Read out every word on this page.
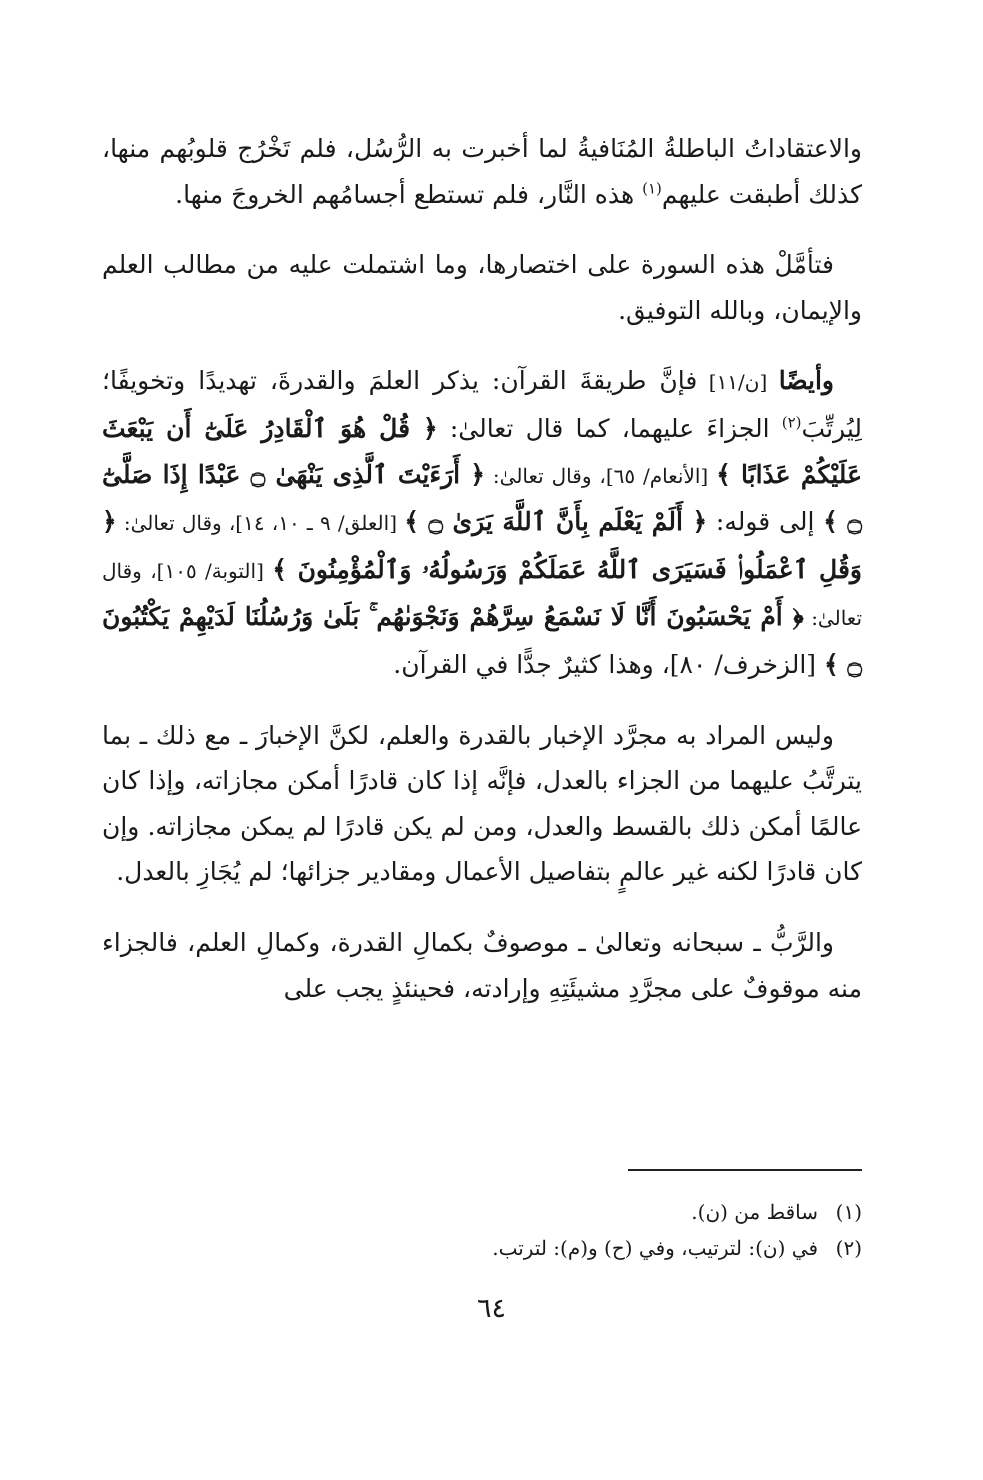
والاعتقاداتُ الباطلةُ المُنَافيةُ لما أخبرت به الرُّسُل، فلم تَخْرُج قلوبُهم منها، كذلك أطبقت عليهم$^{(١)}$ هذه النَّار، فلم تستطع أجسامُهم الخروجَ منها.

فتأمَّلْ هذه السورة على اختصارها، وما اشتملت عليه من مطالب العلم والإيمان، وبالله التوفيق.

وأيضًا [ن/١١] فإنَّ طريقةَ القرآن: يذكر العلمَ والقدرةَ، تهديدًا وتخويفًا؛ لِيُرتِّبَ$^{(٢)}$ الجزاءَ عليهما، كما قال تعالىٰ: ﴿ قُلْ هُوَ ٱلْقَادِرُ عَلَىٰٓ أَن يَبْعَثَ عَلَيْكُمْ عَذَابًا ﴾ [الأنعام/ ٦٥]، وقال تعالىٰ: ﴿ أَرَءَيْتَ ٱلَّذِى يَنْهَىٰ ۝ عَبْدًا إِذَا صَلَّىٰٓ ۝ ﴾ إلى قوله: ﴿ أَلَمْ يَعْلَم بِأَنَّ ٱللَّهَ يَرَىٰ ۝ ﴾ [العلق/ ٩ ـ ١٠، ١٤]، وقال تعالىٰ: ﴿ وَقُلِ ٱعْمَلُوا۟ فَسَيَرَى ٱللَّهُ عَمَلَكُمْ وَرَسُولُهُۥ وَٱلْمُؤْمِنُونَ ﴾ [التوبة/ ١٠٥]، وقال تعالىٰ: ﴿ أَمْ يَحْسَبُونَ أَنَّا لَا نَسْمَعُ سِرَّهُمْ وَنَجْوَىٰهُم ۚ بَلَىٰ وَرُسُلُنَا لَدَيْهِمْ يَكْتُبُونَ ۝ ﴾ [الزخرف/ ٨٠]، وهذا كثيرٌ جدًّا في القرآن.

وليس المراد به مجرَّد الإخبار بالقدرة والعلم، لكنَّ الإخبارَ ـ مع ذلك ـ بما يترتَّبُ عليهما من الجزاء بالعدل، فإنَّه إذا كان قادرًا أمكن مجازاته، وإذا كان عالمًا أمكن ذلك بالقسط والعدل، ومن لم يكن قادرًا لم يمكن مجازاته. وإن كان قادرًا لكنه غير عالمٍ بتفاصيل الأعمال ومقادير جزائها؛ لم يُجَازِ بالعدل.

والرَّبُّ ـ سبحانه وتعالىٰ ـ موصوفٌ بكمالِ القدرة، وكمالِ العلم، فالجزاء منه موقوفٌ على مجرَّدِ مشيئَتِهِ وإرادته، فحينئذٍ يجب على

(١)ساقط من (ن).

(٢)في (ن): لترتيب، وفي (ح) و(م): لترتب.

٦٤
